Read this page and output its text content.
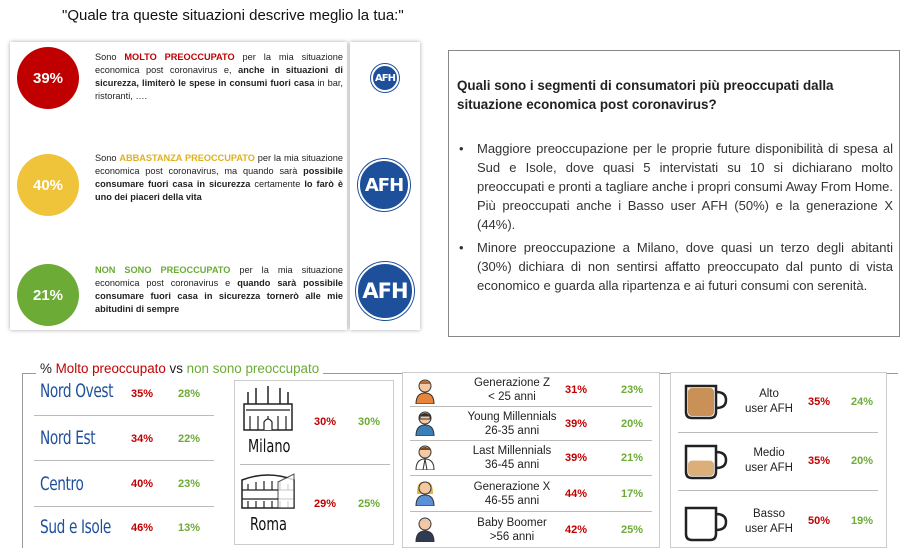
"Quale tra queste situazioni descrive meglio la tua:"
39%
Sono MOLTO PREOCCUPATO per la mia situazione economica post coronavirus e, anche in situazioni di sicurezza, limiterò le spese in consumi fuori casa in bar, ristoranti, ….
40%
Sono ABBASTANZA PREOCCUPATO per la mia situazione economica post coronavirus, ma quando sarà possibile consumare fuori casa in sicurezza certamente lo farò è uno dei piaceri della vita
21%
NON SONO PREOCCUPATO per la mia situazione economica post coronavirus e quando sarà possibile consumare fuori casa in sicurezza tornerò alle mie abitudini di sempre
AFH
AFH
AFH
Quali sono i segmenti di consumatori più preoccupati dalla situazione economica post coronavirus?
• Maggiore preoccupazione per le proprie future disponibilità di spesa al Sud e Isole, dove quasi 5 intervistati su 10 si dichiarano molto preoccupati e pronti a tagliare anche i propri consumi Away From Home. Più preoccupati anche i Basso user AFH (50%) e la generazione X (44%).
• Minore preoccupazione a Milano, dove quasi un terzo degli abitanti (30%) dichiara di non sentirsi affatto preoccupato dal punto di vista economico e guarda alla ripartenza e ai futuri consumi con serenità.
% Molto preoccupato vs non sono preoccupato
Nord Ovest 35% 28%
Nord Est	34% 22%
Centro	40% 23%
Sud e Isole 46% 13%
Milano
30% 30%
Roma
29% 25%
Generazione Z
< 25 anni
31%	23%
Young Millennials
26-35 anni
39%	20%
Last Millennials
36-45 anni
39%	21%
Generazione X
46-55 anni
44%	17%
Baby Boomer
>56 anni
42%	25%
Alto
user AFH
35% 24%
Medio
user AFH
35% 20%
Basso
user AFH
50% 19%
